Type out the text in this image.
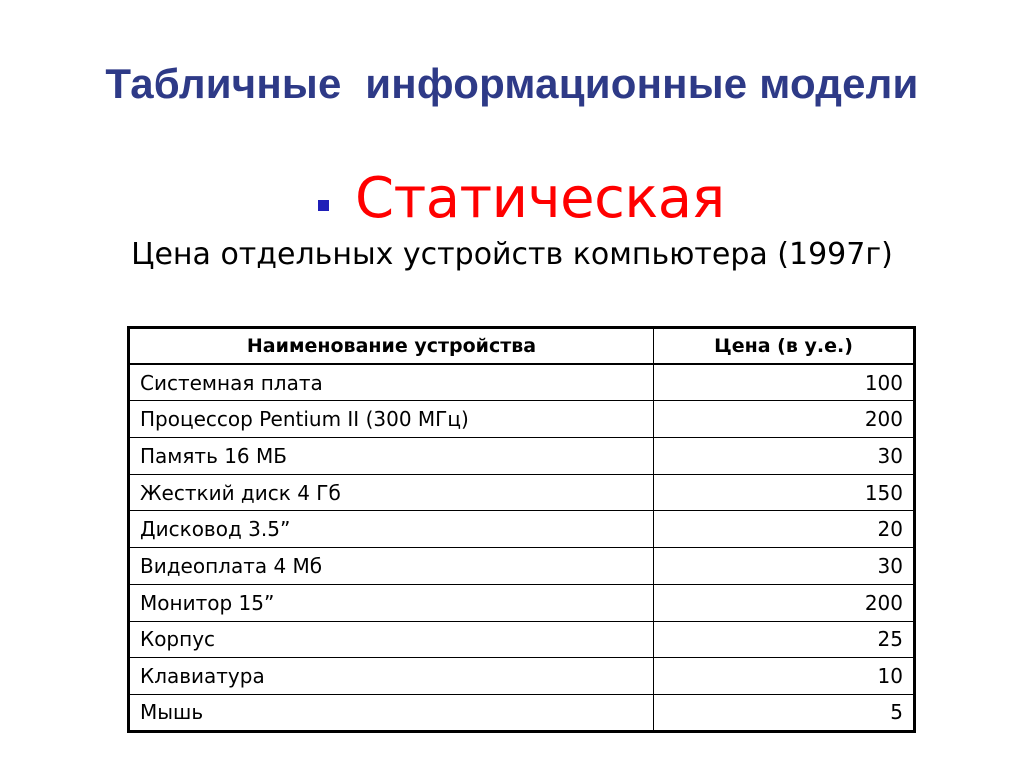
Табличные  информационные модели
Статическая
Цена отдельных устройств компьютера (1997г)
Наименование устройства	Цена (в у.е.)
Системная плата	100
Процессор Pentium II (300 МГц)	200
Память 16 МБ	30
Жесткий диск 4 Гб	150
Дисковод 3.5”	20
Видеоплата 4 Мб	30
Монитор 15”	200
Корпус	25
Клавиатура	10
Мышь	5
